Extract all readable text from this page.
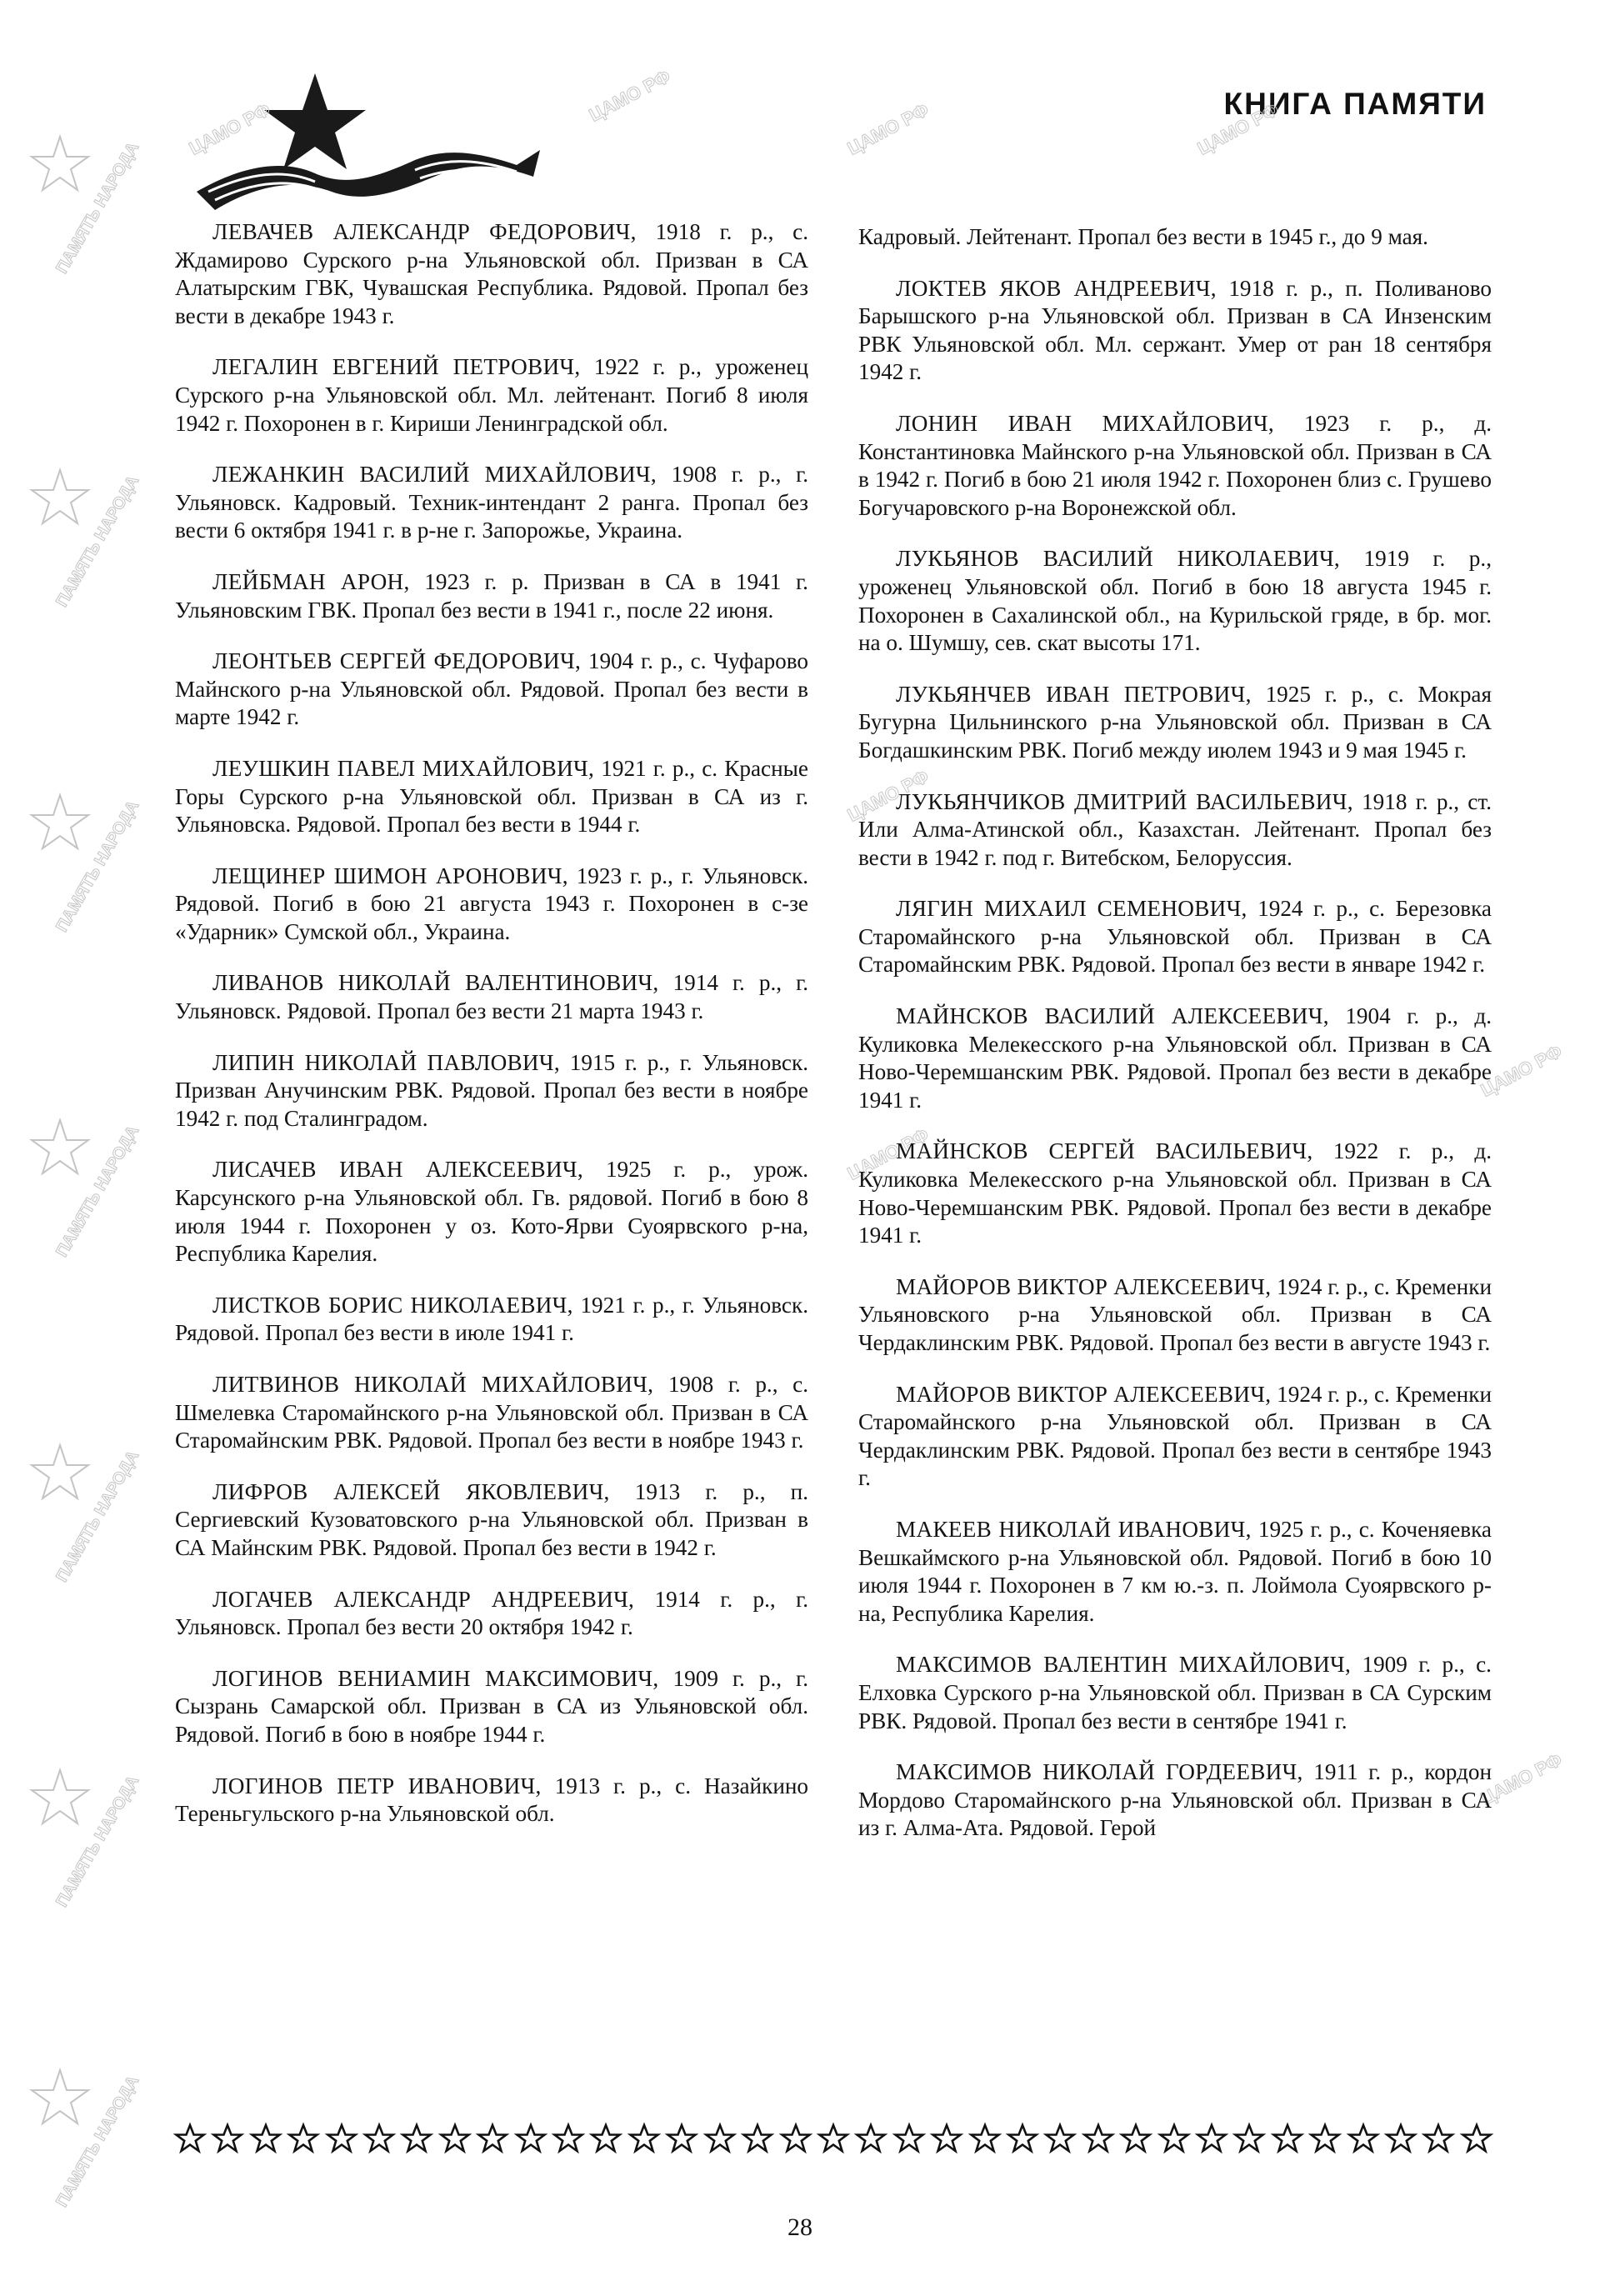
КНИГА ПАМЯТИ
ЦАМО РФ
ЦАМО РФ
ЦАМО РФ	ЦАМО РФ
ЦАМО РФ
ЦАМО РФ
ЦАМО РФ
ЦАМО РФ
ПАМЯТЬ НАРОДА
ПАМЯТЬ НАРОДА
ПАМЯТЬ НАРОДА
ПАМЯТЬ НАРОДА
ПАМЯТЬ НАРОДА
ПАМЯТЬ НАРОДА
ПАМЯТЬ НАРОДА

ЛЕВАЧЕВ АЛЕКСАНДР ФЕДОРОВИЧ, 1918 г. р., с. Ждамирово Сурского р-на Ульяновской обл. Призван в СА Алатырским ГВК, Чувашская Республика. Рядовой. Пропал без вести в декабре 1943 г.

ЛЕГАЛИН ЕВГЕНИЙ ПЕТРОВИЧ, 1922 г. р., уроженец Сурского р-на Ульяновской обл. Мл. лейтенант. Погиб 8 июля 1942 г. Похоронен в г. Кириши Ленинградской обл.

ЛЕЖАНКИН ВАСИЛИЙ МИХАЙЛОВИЧ, 1908 г. р., г. Ульяновск. Кадровый. Техник-интендант 2 ранга. Пропал без вести 6 октября 1941 г. в р-не г. Запорожье, Украина.

ЛЕЙБМАН АРОН, 1923 г. р. Призван в СА в 1941 г. Ульяновским ГВК. Пропал без вести в 1941 г., после 22 июня.

ЛЕОНТЬЕВ СЕРГЕЙ ФЕДОРОВИЧ, 1904 г. р., с. Чуфарово Майнского р-на Ульяновской обл. Рядовой. Пропал без вести в марте 1942 г.

ЛЕУШКИН ПАВЕЛ МИХАЙЛОВИЧ, 1921 г. р., с. Красные Горы Сурского р-на Ульяновской обл. Призван в СА из г. Ульяновска. Рядовой. Пропал без вести в 1944 г.

ЛЕЩИНЕР ШИМОН АРОНОВИЧ, 1923 г. р., г. Ульяновск. Рядовой. Погиб в бою 21 августа 1943 г. Похоронен в с-зе «Ударник» Сумской обл., Украина.

ЛИВАНОВ НИКОЛАЙ ВАЛЕНТИНОВИЧ, 1914 г. р., г. Ульяновск. Рядовой. Пропал без вести 21 марта 1943 г.

ЛИПИН НИКОЛАЙ ПАВЛОВИЧ, 1915 г. р., г. Ульяновск. Призван Анучинским РВК. Рядовой. Пропал без вести в ноябре 1942 г. под Сталинградом.

ЛИСАЧЕВ ИВАН АЛЕКСЕЕВИЧ, 1925 г. р., урож. Карсунского р-на Ульяновской обл. Гв. рядовой. Погиб в бою 8 июля 1944 г. Похоронен у оз. Кото-Ярви Суоярвского р-на, Республика Карелия.

ЛИСТКОВ БОРИС НИКОЛАЕВИЧ, 1921 г. р., г. Ульяновск. Рядовой. Пропал без вести в июле 1941 г.

ЛИТВИНОВ НИКОЛАЙ МИХАЙЛОВИЧ, 1908 г. р., с. Шмелевка Старомайнского р-на Ульяновской обл. Призван в СА Старомайнским РВК. Рядовой. Пропал без вести в ноябре 1943 г.

ЛИФРОВ АЛЕКСЕЙ ЯКОВЛЕВИЧ, 1913 г. р., п. Сергиевский Кузоватовского р-на Ульяновской обл. Призван в СА Майнским РВК. Рядовой. Пропал без вести в 1942 г.

ЛОГАЧЕВ АЛЕКСАНДР АНДРЕЕВИЧ, 1914 г. р., г. Ульяновск. Пропал без вести 20 октября 1942 г.

ЛОГИНОВ ВЕНИАМИН МАКСИМОВИЧ, 1909 г. р., г. Сызрань Самарской обл. Призван в СА из Ульяновской обл. Рядовой. Погиб в бою в ноябре 1944 г.

ЛОГИНОВ ПЕТР ИВАНОВИЧ, 1913 г. р., с. Назайкино Тереньгульского р-на Ульяновской обл.

Кадровый. Лейтенант. Пропал без вести в 1945 г., до 9 мая.

ЛОКТЕВ ЯКОВ АНДРЕЕВИЧ, 1918 г. р., п. Поливаново Барышского р-на Ульяновской обл. Призван в СА Инзенским РВК Ульяновской обл. Мл. сержант. Умер от ран 18 сентября 1942 г.

ЛОНИН ИВАН МИХАЙЛОВИЧ, 1923 г. р., д. Константиновка Майнского р-на Ульяновской обл. Призван в СА в 1942 г. Погиб в бою 21 июля 1942 г. Похоронен близ с. Грушево Богучаровского р-на Воронежской обл.

ЛУКЬЯНОВ ВАСИЛИЙ НИКОЛАЕВИЧ, 1919 г. р., уроженец Ульяновской обл. Погиб в бою 18 августа 1945 г. Похоронен в Сахалинской обл., на Курильской гряде, в бр. мог. на о. Шумшу, сев. скат высоты 171.

ЛУКЬЯНЧЕВ ИВАН ПЕТРОВИЧ, 1925 г. р., с. Мокрая Бугурна Цильнинского р-на Ульяновской обл. Призван в СА Богдашкинским РВК. Погиб между июлем 1943 и 9 мая 1945 г.

ЛУКЬЯНЧИКОВ ДМИТРИЙ ВАСИЛЬЕВИЧ, 1918 г. р., ст. Или Алма-Атинской обл., Казахстан. Лейтенант. Пропал без вести в 1942 г. под г. Витебском, Белоруссия.

ЛЯГИН МИХАИЛ СЕМЕНОВИЧ, 1924 г. р., с. Березовка Старомайнского р-на Ульяновской обл. Призван в СА Старомайнским РВК. Рядовой. Пропал без вести в январе 1942 г.

МАЙНСКОВ ВАСИЛИЙ АЛЕКСЕЕВИЧ, 1904 г. р., д. Куликовка Мелекесского р-на Ульяновской обл. Призван в СА Ново-Черемшанским РВК. Рядовой. Пропал без вести в декабре 1941 г.

МАЙНСКОВ СЕРГЕЙ ВАСИЛЬЕВИЧ, 1922 г. р., д. Куликовка Мелекесского р-на Ульяновской обл. Призван в СА Ново-Черемшанским РВК. Рядовой. Пропал без вести в декабре 1941 г.

МАЙОРОВ ВИКТОР АЛЕКСЕЕВИЧ, 1924 г. р., с. Кременки Ульяновского р-на Ульяновской обл. Призван в СА Чердаклинским РВК. Рядовой. Пропал без вести в августе 1943 г.

МАЙОРОВ ВИКТОР АЛЕКСЕЕВИЧ, 1924 г. р., с. Кременки Старомайнского р-на Ульяновской обл. Призван в СА Чердаклинским РВК. Рядовой. Пропал без вести в сентябре 1943 г.

МАКЕЕВ НИКОЛАЙ ИВАНОВИЧ, 1925 г. р., с. Коченяевка Вешкаймского р-на Ульяновской обл. Рядовой. Погиб в бою 10 июля 1944 г. Похоронен в 7 км ю.-з. п. Лоймола Суоярвского р-на, Республика Карелия.

МАКСИМОВ ВАЛЕНТИН МИХАЙЛОВИЧ, 1909 г. р., с. Елховка Сурского р-на Ульяновской обл. Призван в СА Сурским РВК. Рядовой. Пропал без вести в сентябре 1941 г.

МАКСИМОВ НИКОЛАЙ ГОРДЕЕВИЧ, 1911 г. р., кордон Мордово Старомайнского р-на Ульяновской обл. Призван в СА из г. Алма-Ата. Рядовой. Герой

28
